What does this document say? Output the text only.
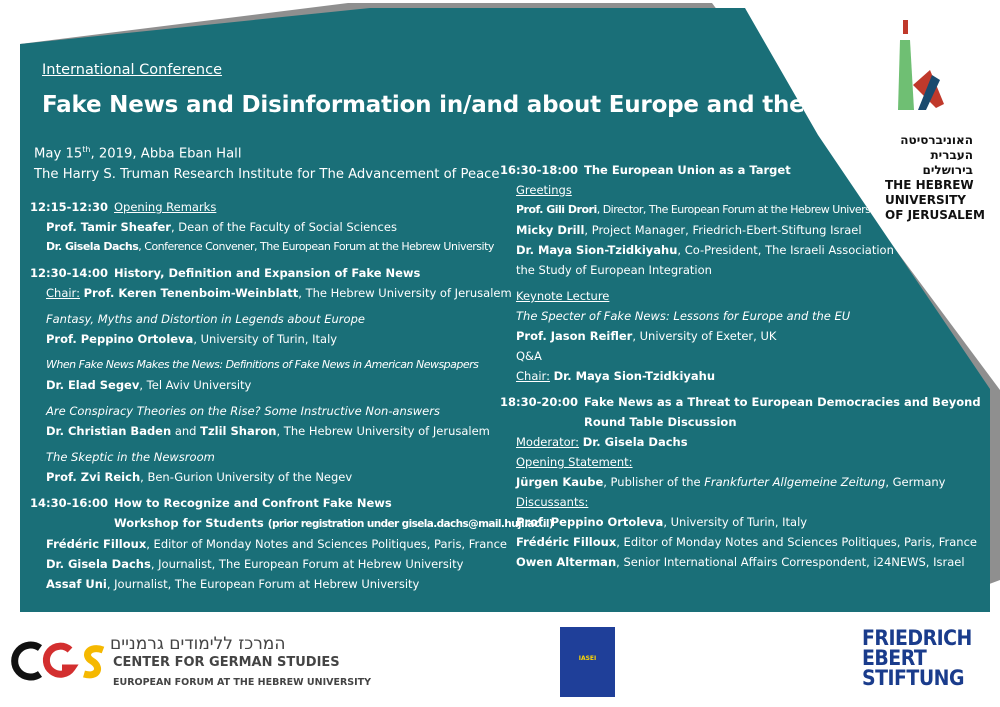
International Conference
Fake News and Disinformation in/and about Europe and the EU
May 15th, 2019, Abba Eban Hall
The Harry S. Truman Research Institute for The Advancement of Peace
12:15-12:30 Opening Remarks
Prof. Tamir Sheafer, Dean of the Faculty of Social Sciences
Dr. Gisela Dachs, Conference Convener, The European Forum at the Hebrew University
12:30-14:00 History, Definition and Expansion of Fake News
Chair: Prof. Keren Tenenboim-Weinblatt, The Hebrew University of Jerusalem
Fantasy, Myths and Distortion in Legends about Europe
Prof. Peppino Ortoleva, University of Turin, Italy
When Fake News Makes the News: Definitions of Fake News in American Newspapers
Dr. Elad Segev, Tel Aviv University
Are Conspiracy Theories on the Rise? Some Instructive Non-answers
Dr. Christian Baden and Tzlil Sharon, The Hebrew University of Jerusalem
The Skeptic in the Newsroom
Prof. Zvi Reich, Ben-Gurion University of the Negev
14:30-16:00 How to Recognize and Confront Fake News
Workshop for Students (prior registration under gisela.dachs@mail.huji.ac.il)
Frédéric Filloux, Editor of Monday Notes and Sciences Politiques, Paris, France
Dr. Gisela Dachs, Journalist, The European Forum at Hebrew University
Assaf Uni, Journalist, The European Forum at Hebrew University
16:30-18:00 The European Union as a Target
Greetings
Prof. Gili Drori, Director, The European Forum at the Hebrew University
Micky Drill, Project Manager, Friedrich-Ebert-Stiftung Israel
Dr. Maya Sion-Tzidkiyahu, Co-President, The Israeli Association for
the Study of European Integration
Keynote Lecture
The Specter of Fake News: Lessons for Europe and the EU
Prof. Jason Reifler, University of Exeter, UK
Q&A
Chair: Dr. Maya Sion-Tzidkiyahu
18:30-20:00 Fake News as a Threat to European Democracies and Beyond
Round Table Discussion
Moderator: Dr. Gisela Dachs
Opening Statement:
Jürgen Kaube, Publisher of the Frankfurter Allgemeine Zeitung, Germany
Discussants:
Prof. Peppino Ortoleva, University of Turin, Italy
Frédéric Filloux, Editor of Monday Notes and Sciences Politiques, Paris, France
Owen Alterman, Senior International Affairs Correspondent, i24NEWS, Israel
האוניברסיטה
העברית
בירושלים
THE HEBREW
UNIVERSITY
OF JERUSALEM
המרכז ללימודים גרמניים
CENTER FOR GERMAN STUDIES
EUROPEAN FORUM AT THE HEBREW UNIVERSITY
IASEI
FRIEDRICH
EBERT
STIFTUNG
